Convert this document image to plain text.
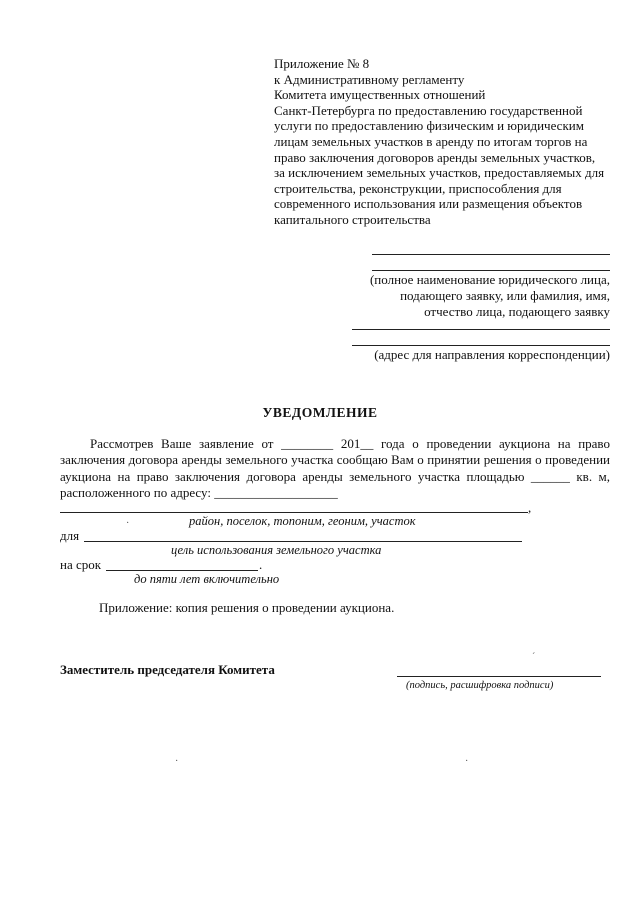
Приложение № 8
к Административному регламенту
Комитета имущественных отношений
Санкт-Петербурга по предоставлению государственной
услуги по предоставлению физическим и юридическим
лицам земельных участков в аренду по итогам торгов на
право заключения договоров аренды земельных участков,
за исключением земельных участков, предоставляемых для
строительства, реконструкции, приспособления для
современного использования или размещения объектов
капитального строительства
(полное наименование юридического лица,
подающего заявку, или фамилия, имя,
отчество лица, подающего заявку
(адрес для направления корреспонденции)
УВЕДОМЛЕНИЕ
Рассмотрев Ваше заявление от ________ 201__ года о проведении аукциона на право
заключения договора аренды земельного участка сообщаю Вам о принятии решения о проведении
аукциона на право заключения договора аренды земельного участка площадью ______ кв. м,
расположенного по адресу: ___________________
,
район, поселок, топоним, геоним, участок
для
цель использования земельного участка
на срок	.
до пяти лет включительно
Приложение: копия решения о проведении аукциона.
Заместитель председателя Комитета
(подпись, расшифровка подписи)
ˊ
·	·
·
